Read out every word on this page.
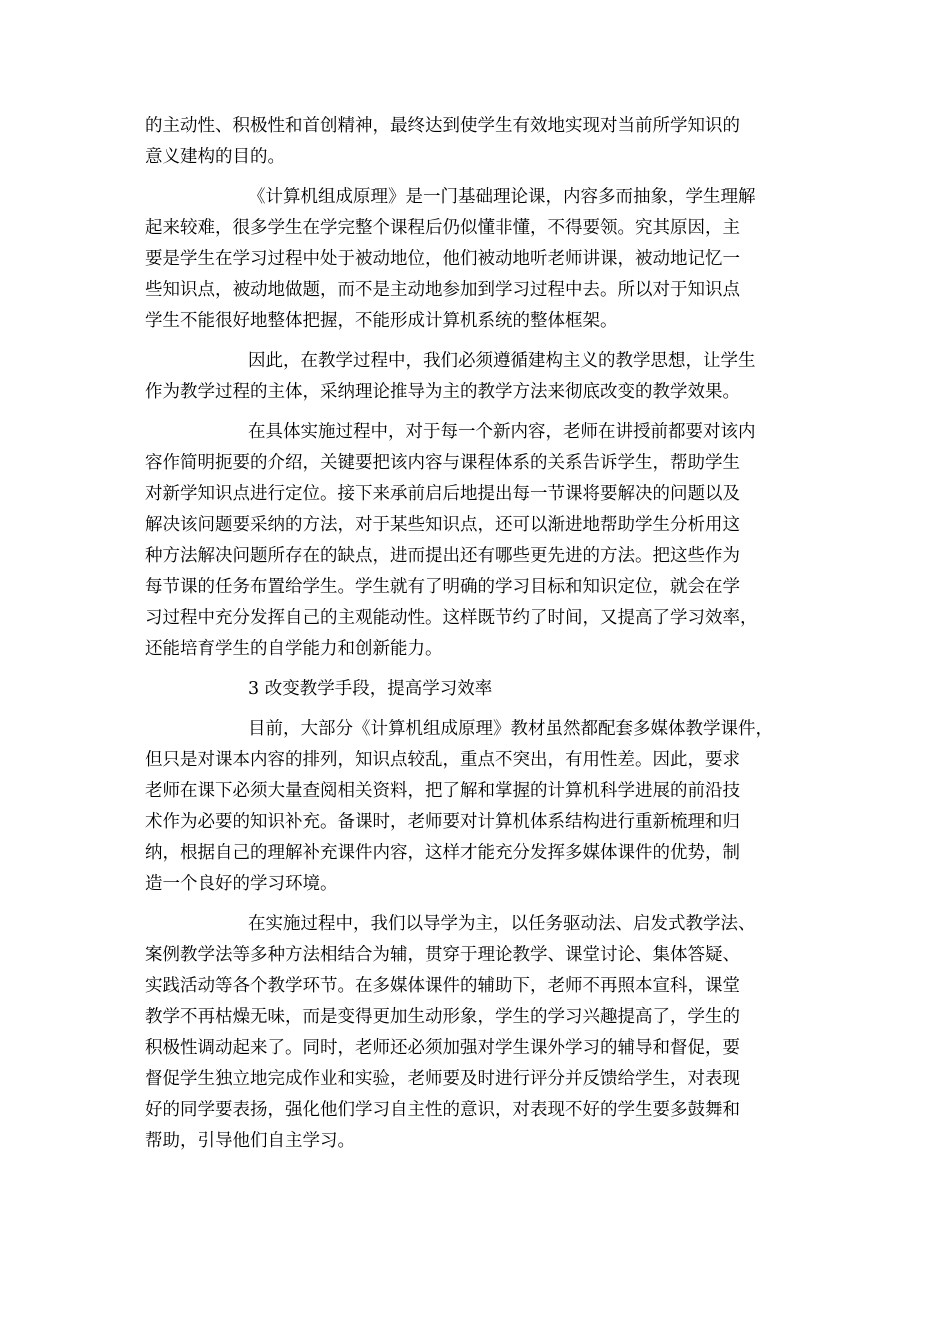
的主动性、积极性和首创精神，最终达到使学生有效地实现对当前所学知识的
意义建构的目的。
《计算机组成原理》是一门基础理论课，内容多而抽象，学生理解
起来较难，很多学生在学完整个课程后仍似懂非懂，不得要领。究其原因，主
要是学生在学习过程中处于被动地位，他们被动地听老师讲课，被动地记忆一
些知识点，被动地做题，而不是主动地参加到学习过程中去。所以对于知识点
学生不能很好地整体把握，不能形成计算机系统的整体框架。
因此，在教学过程中，我们必须遵循建构主义的教学思想，让学生
作为教学过程的主体，采纳理论推导为主的教学方法来彻底改变的教学效果。
在具体实施过程中，对于每一个新内容，老师在讲授前都要对该内
容作简明扼要的介绍，关键要把该内容与课程体系的关系告诉学生，帮助学生
对新学知识点进行定位。接下来承前启后地提出每一节课将要解决的问题以及
解决该问题要采纳的方法，对于某些知识点，还可以渐进地帮助学生分析用这
种方法解决问题所存在的缺点，进而提出还有哪些更先进的方法。把这些作为
每节课的任务布置给学生。学生就有了明确的学习目标和知识定位，就会在学
习过程中充分发挥自己的主观能动性。这样既节约了时间，又提高了学习效率，
还能培育学生的自学能力和创新能力。
3 改变教学手段，提高学习效率
目前，大部分《计算机组成原理》教材虽然都配套多媒体教学课件，
但只是对课本内容的排列，知识点较乱，重点不突出，有用性差。因此，要求
老师在课下必须大量查阅相关资料，把了解和掌握的计算机科学进展的前沿技
术作为必要的知识补充。备课时，老师要对计算机体系结构进行重新梳理和归
纳，根据自己的理解补充课件内容，这样才能充分发挥多媒体课件的优势，制
造一个良好的学习环境。
在实施过程中，我们以导学为主，以任务驱动法、启发式教学法、
案例教学法等多种方法相结合为辅，贯穿于理论教学、课堂讨论、集体答疑、
实践活动等各个教学环节。在多媒体课件的辅助下，老师不再照本宣科，课堂
教学不再枯燥无味，而是变得更加生动形象，学生的学习兴趣提高了，学生的
积极性调动起来了。同时，老师还必须加强对学生课外学习的辅导和督促，要
督促学生独立地完成作业和实验，老师要及时进行评分并反馈给学生，对表现
好的同学要表扬，强化他们学习自主性的意识，对表现不好的学生要多鼓舞和
帮助，引导他们自主学习。
